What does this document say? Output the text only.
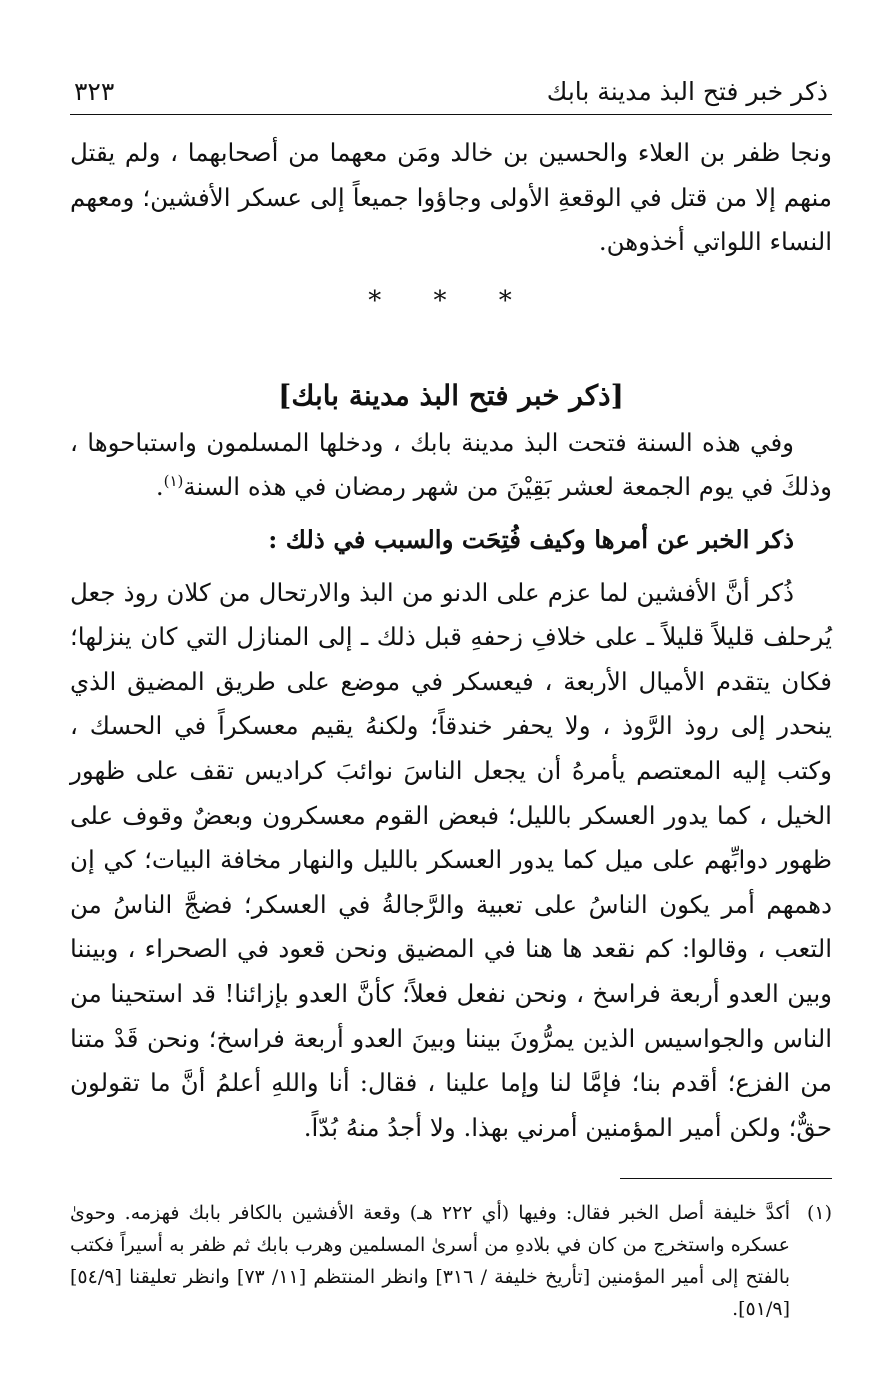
ذكر خبر فتح البذ مدينة بابك
٣٢٣

ونجا ظفر بن العلاء والحسين بن خالد ومَن معهما من أصحابهما ، ولم يقتل منهم إلا من قتل في الوقعةِ الأولى وجاؤوا جميعاً إلى عسكر الأفشين؛ ومعهم النساء اللواتي أخذوهن.

* * *
[ذكر خبر فتح البذ مدينة بابك]

وفي هذه السنة فتحت البذ مدينة بابك ، ودخلها المسلمون واستباحوها ، وذلكَ في يوم الجمعة لعشر بَقِيْنَ من شهر رمضان في هذه السنة$^{(١)}$.

ذكر الخبر عن أمرها وكيف فُتِحَت والسبب في ذلك :

ذُكر أنَّ الأفشين لما عزم على الدنو من البذ والارتحال من كلان روذ جعل يُرحلف قليلاً قليلاً ـ على خلافِ زحفهِ قبل ذلك ـ إلى المنازل التي كان ينزلها؛ فكان يتقدم الأميال الأربعة ، فيعسكر في موضع على طريق المضيق الذي ينحدر إلى روذ الرَّوذ ، ولا يحفر خندقاً؛ ولكنهُ يقيم معسكراً في الحسك ، وكتب إليه المعتصم يأمرهُ أن يجعل الناسَ نوائبَ كراديس تقف على ظهور الخيل ، كما يدور العسكر بالليل؛ فبعض القوم معسكرون وبعضٌ وقوف على ظهور دوابِّهم على ميل كما يدور العسكر بالليل والنهار مخافة البيات؛ كي إن دهمهم أمر يكون الناسُ على تعبية والرَّجالةُ في العسكر؛ فضجَّ الناسُ من التعب ، وقالوا: كم نقعد ها هنا في المضيق ونحن قعود في الصحراء ، وبيننا وبين العدو أربعة فراسخ ، ونحن نفعل فعلاً؛ كأنَّ العدو بإزائنا! قد استحينا من الناس والجواسيس الذين يمرُّونَ بيننا وبينَ العدو أربعة فراسخ؛ ونحن قَدْ متنا من الفزع؛ أقدم بنا؛ فإمَّا لنا وإما علينا ، فقال: أنا واللهِ أعلمُ أنَّ ما تقولون حقٌّ؛ ولكن أمير المؤمنين أمرني بهذا. ولا أجدُ منهُ بُدّاً.

(١)
أكدَّ خليفة أصل الخبر فقال: وفيها (أي ٢٢٢ هـ) وقعة الأفشين بالكافر بابك فهزمه. وحوىٰ عسكره واستخرج من كان في بلادهِ من أسرىٰ المسلمين وهرب بابك ثم ظفر به أسيراً فكتب بالفتح إلى أمير المؤمنين [تأريخ خليفة / ٣١٦] وانظر المنتظم [١١/ ٧٣] وانظر تعليقنا [٥٤/٩][٥١/٩].
